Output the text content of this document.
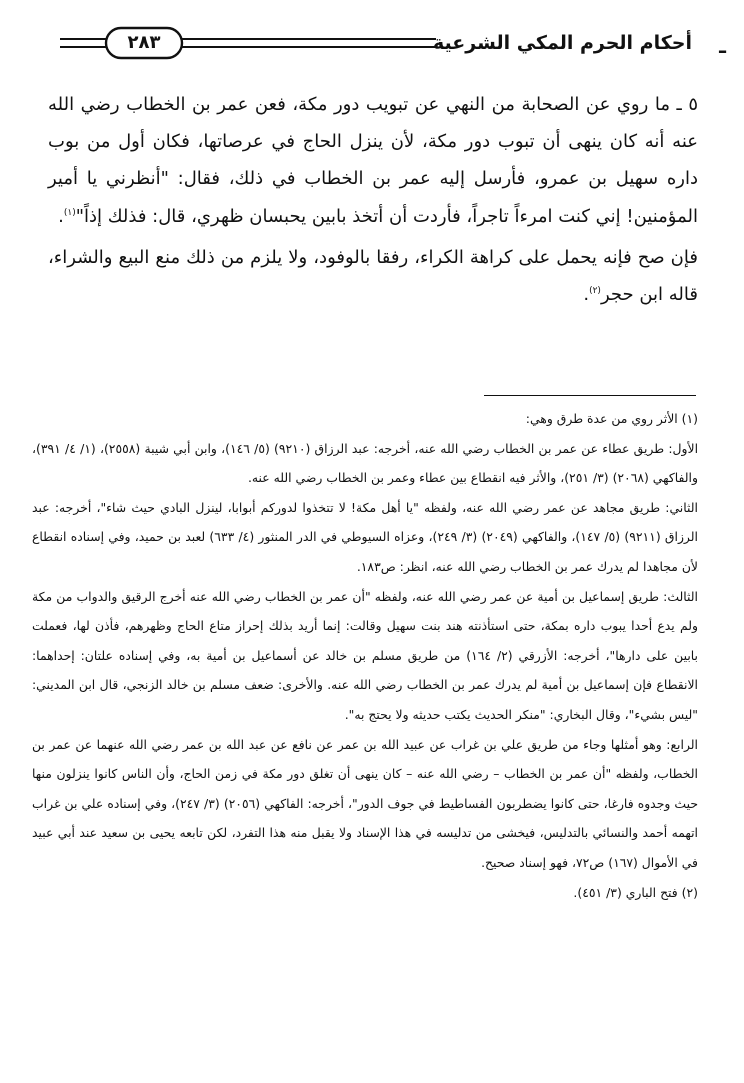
ـ
أحكام الحرم المكي الشرعية
٢٨٣

٥ ـ ما روي عن الصحابة من النهي عن تبويب دور مكة، فعن عمر بن الخطاب رضي الله عنه أنه كان ينهى أن تبوب دور مكة، لأن ينزل الحاج في عرصاتها، فكان أول من بوب داره سهيل بن عمرو، فأرسل إليه عمر بن الخطاب في ذلك، فقال: "أنظرني يا أمير المؤمنين! إني كنت امرءاً تاجراً، فأردت أن أتخذ بابين يحبسان ظهري، قال: فذلك إذاً"$^{(١)}$.

فإن صح فإنه يحمل على كراهة الكراء، رفقا بالوفود، ولا يلزم من ذلك منع البيع والشراء، قاله ابن حجر$^{(٢)}$.

(١) الأثر روي من عدة طرق وهي:

الأول: طريق عطاء عن عمر بن الخطاب رضي الله عنه، أخرجه: عبد الرزاق (٩٢١٠) (٥/ ١٤٦)، وابن أبي شيبة (٢٥٥٨)، (١/ ٤/ ٣٩١)، والفاكهي (٢٠٦٨) (٣/ ٢٥١)، والأثر فيه انقطاع بين عطاء وعمر بن الخطاب رضي الله عنه.

الثاني: طريق مجاهد عن عمر رضي الله عنه، ولفظه "يا أهل مكة! لا تتخذوا لدوركم أبوابا، لينزل البادي حيث شاء"، أخرجه: عبد الرزاق (٩٢١١) (٥/ ١٤٧)، والفاكهي (٢٠٤٩) (٣/ ٢٤٩)، وعزاه السيوطي في الدر المنثور (٤/ ٦٣٣) لعبد بن حميد، وفي إسناده انقطاع لأن مجاهدا لم يدرك عمر بن الخطاب رضي الله عنه، انظر: ص١٨٣.

الثالث: طريق إسماعيل بن أمية عن عمر رضي الله عنه، ولفظه "أن عمر بن الخطاب رضي الله عنه أخرج الرقيق والدواب من مكة ولم يدع أحدا يبوب داره بمكة، حتى استأذنته هند بنت سهيل وقالت: إنما أريد بذلك إحراز متاع الحاج وظهرهم، فأذن لها، فعملت بابين على دارها"، أخرجه: الأزرقي (٢/ ١٦٤) من طريق مسلم بن خالد عن أسماعيل بن أمية به، وفي إسناده علتان: إحداهما: الانقطاع فإن إسماعيل بن أمية لم يدرك عمر بن الخطاب رضي الله عنه. والأخرى: ضعف مسلم بن خالد الزنجي، قال ابن المديني: "ليس بشيء"، وقال البخاري: "منكر الحديث يكتب حديثه ولا يحتج به".

الرابع: وهو أمثلها وجاء من طريق علي بن غراب عن عبيد الله بن عمر عن نافع عن عبد الله بن عمر رضي الله عنهما عن عمر بن الخطاب، ولفظه "أن عمر بن الخطاب – رضي الله عنه – كان ينهى أن تغلق دور مكة في زمن الحاج، وأن الناس كانوا ينزلون منها حيث وجدوه فارغا، حتى كانوا يضطربون الفساطيط في جوف الدور"، أخرجه: الفاكهي (٢٠٥٦) (٣/ ٢٤٧)، وفي إسناده علي بن غراب اتهمه أحمد والنسائي بالتدليس، فيخشى من تدليسه في هذا الإسناد ولا يقبل منه هذا التفرد، لكن تابعه يحيى بن سعيد عند أبي عبيد في الأموال (١٦٧) ص٧٢، فهو إسناد صحيح.

(٢) فتح الباري (٣/ ٤٥١).
